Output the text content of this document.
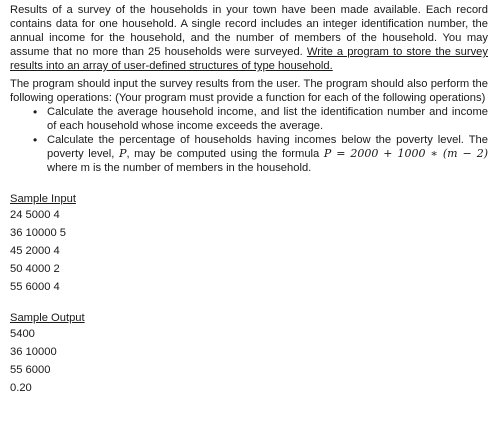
Results of a survey of the households in your town have been made available. Each record contains data for one household. A single record includes an integer identification number, the annual income for the household, and the number of members of the household. You may assume that no more than 25 households were surveyed. Write a program to store the survey results into an array of user-defined structures of type household.

The program should input the survey results from the user. The program should also perform the following operations: (Your program must provide a function for each of the following operations)

• Calculate the average household income, and list the identification number and income of each household whose income exceeds the average.
• Calculate the percentage of households having incomes below the poverty level. The poverty level, P, may be computed using the formula P = 2000 + 1000 ∗ (m − 2) where m is the number of members in the household.
Sample Input
24 5000 4
36 10000 5
45 2000 4
50 4000 2
55 6000 4
Sample Output
5400
36 10000
55 6000
0.20
